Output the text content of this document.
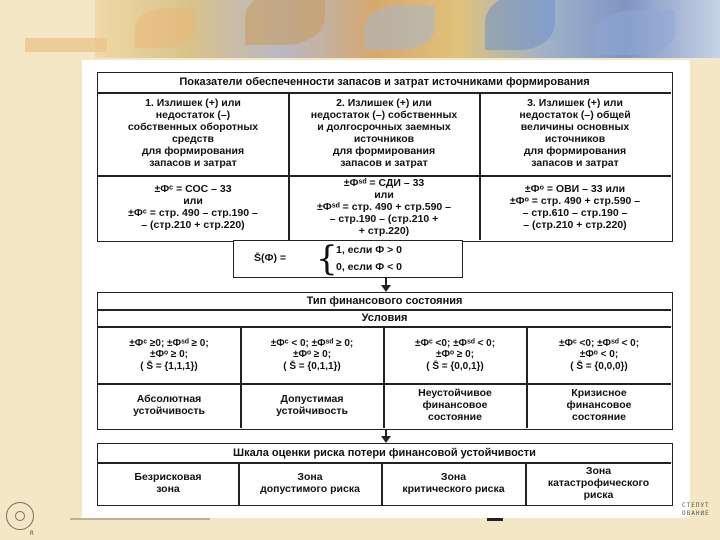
Показатели обеспеченности запасов и затрат источниками формирования
1. Излишек (+) или
недостаток (–)
собственных оборотных
средств
для формирования
запасов и затрат
2. Излишек (+) или
недостаток (–) собственных
и долгосрочных заемных
источников
для формирования
запасов и затрат
3. Излишек (+) или
недостаток (–) общей
величины основных
источников
для формирования
запасов и затрат
±Фᶜ = СОС – 33
или
±Фᶜ = стр. 490 – стр.190 –
– (стр.210 + стр.220)
±Фˢᵈ = СДИ – 33
или
±Фˢᵈ = стр. 490 + стр.590 –
– стр.190 – (стр.210 +
+ стр.220)
±Фᵒ = ОВИ – 33 или
±Фᵒ = стр. 490 + стр.590 –
– стр.610 – стр.190 –
– (стр.210 + стр.220)
S̄(Ф) = {
1, если Ф > 0
0, если Ф < 0
Тип финансового состояния
Условия
±Фᶜ ≥0; ±Фˢᵈ ≥ 0;
±Фᵒ ≥ 0;
( S̄ = {1,1,1})
±Фᶜ < 0; ±Фˢᵈ ≥ 0;
±Фᵒ ≥ 0;
( S̄ = {0,1,1})
±Фᶜ <0; ±Фˢᵈ < 0;
±Фᵒ ≥ 0;
( S̄ = {0,0,1})
±Фᶜ <0; ±Фˢᵈ < 0;
±Фᵒ < 0;
( S̄ = {0,0,0})
Абсолютная
устойчивость
Допустимая
устойчивость
Неустойчивое
финансовое
состояние
Кризисное
финансовое
состояние
Шкала оценки риска потери финансовой устойчивости
Безрисковая
зона
Зона
допустимого риска
Зона
критического риска
Зона
катастрофического
риска
R
СТЕПУТ
ОВАНИЕ
